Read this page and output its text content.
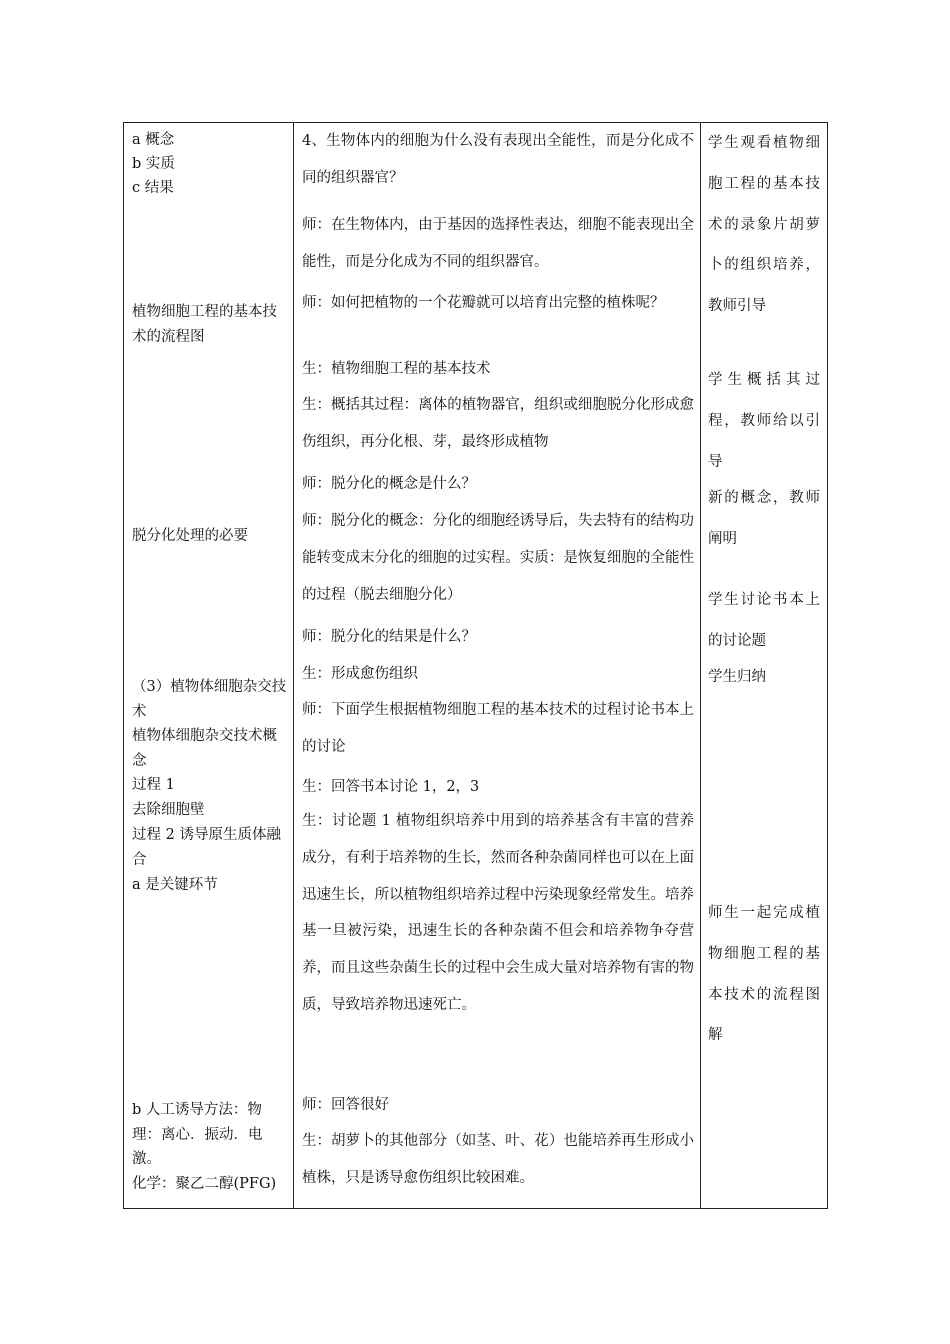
a 概念

b 实质

c 结果

植物细胞工程的基本技术的流程图

脱分化处理的必要

（3）植物体细胞杂交技术

植物体细胞杂交技术概念

过程 1

去除细胞壁

过程 2 诱导原生质体融合

a 是关键环节

b 人工诱导方法：物理：离心．振动．电激。

化学：聚乙二醇(PFG)

4、生物体内的细胞为什么没有表现出全能性，而是分化成不同的组织器官？

师：在生物体内，由于基因的选择性表达，细胞不能表现出全能性，而是分化成为不同的组织器官。

师：如何把植物的一个花瓣就可以培育出完整的植株呢？

生：植物细胞工程的基本技术

生：概括其过程：离体的植物器官，组织或细胞脱分化形成愈伤组织，再分化根、芽，最终形成植物

师：脱分化的概念是什么？

师：脱分化的概念：分化的细胞经诱导后，失去特有的结构功能转变成末分化的细胞的过实程。实质：是恢复细胞的全能性的过程（脱去细胞分化）

师：脱分化的结果是什么？

生：形成愈伤组织

师：下面学生根据植物细胞工程的基本技术的过程讨论书本上的讨论

生：回答书本讨论 1，2，3

生：讨论题 1 植物组织培养中用到的培养基含有丰富的营养成分，有利于培养物的生长，然而各种杂菌同样也可以在上面迅速生长，所以植物组织培养过程中污染现象经常发生。培养基一旦被污染，迅速生长的各种杂菌不但会和培养物争夺营养，而且这些杂菌生长的过程中会生成大量对培养物有害的物质，导致培养物迅速死亡。

师：回答很好

生：胡萝卜的其他部分（如茎、叶、花）也能培养再生形成小植株，只是诱导愈伤组织比较困难。

学生观看植物细胞工程的基本技术的录象片胡萝卜的组织培养，教师引导

学生概括其过程，教师给以引导

新的概念，教师阐明

学生讨论书本上的讨论题

学生归纳

师生一起完成植物细胞工程的基本技术的流程图解
